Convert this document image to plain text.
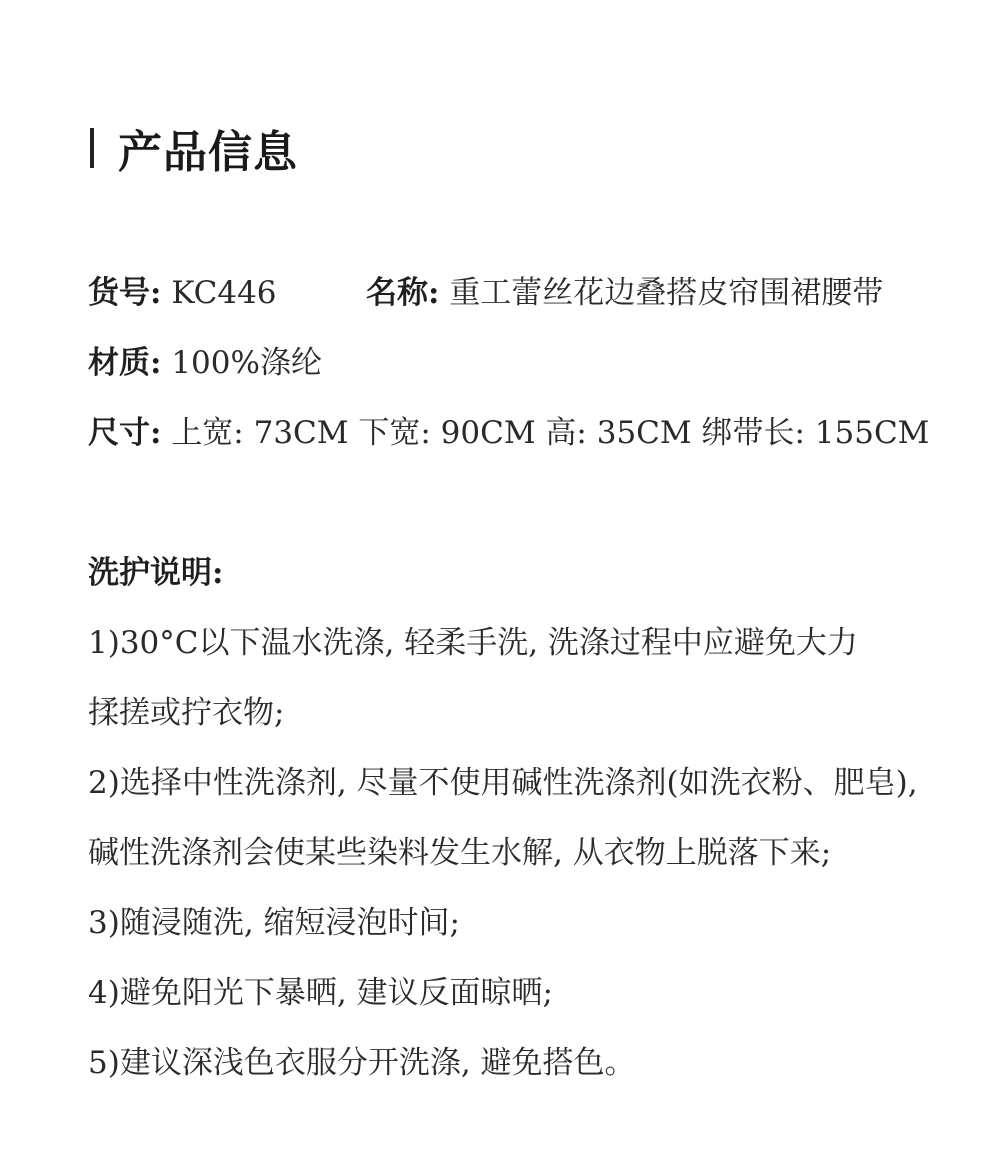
产品信息
货号: KC446	名称: 重工蕾丝花边叠搭皮帘围裙腰带
材质: 100%涤纶
尺寸: 上宽: 73CM 下宽: 90CM 高: 35CM 绑带长: 155CM
洗护说明:
1)30°C以下温水洗涤, 轻柔手洗, 洗涤过程中应避免大力
揉搓或拧衣物;
2)选择中性洗涤剂, 尽量不使用碱性洗涤剂(如洗衣粉、肥皂),
碱性洗涤剂会使某些染料发生水解, 从衣物上脱落下来;
3)随浸随洗, 缩短浸泡时间;
4)避免阳光下暴晒, 建议反面晾晒;
5)建议深浅色衣服分开洗涤, 避免搭色。
